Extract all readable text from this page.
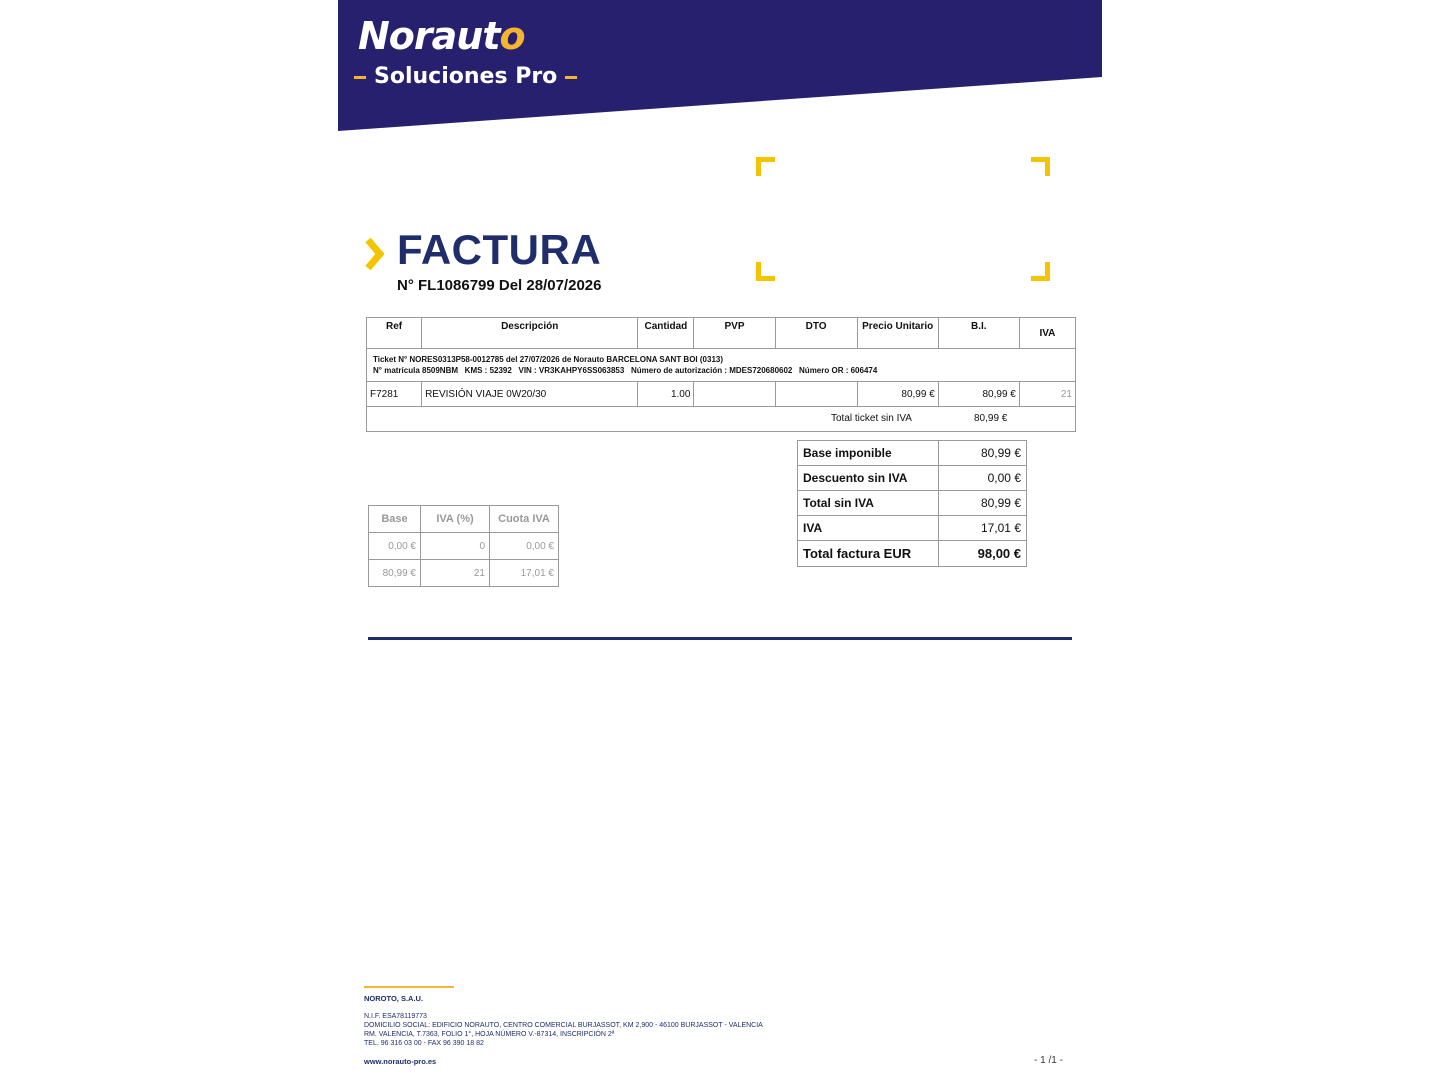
Norauto
Soluciones Pro
FACTURA
N° FL1086799 Del 28/07/2026
Ref	Descripción	Cantidad	PVP	DTO	Precio Unitario	B.I.	IVA

Ticket N° NORES0313P58-0012785 del 27/07/2026 de Norauto BARCELONA SANT BOI (0313)
N° matrícula 8509NBM   KMS : 52392   VIN : VR3KAHPY6SS063853   Número de autorización : MDES720680602   Número OR : 606474							

F7281	REVISIÓN VIAJE 0W20/30	1.00			80,99 €	80,99 €	21

Total ticket sin IVA 80,99 €							
Base	IVA (%)	Cuota IVA
0,00 €	0	0,00 €
80,99 €	21	17,01 €
Base imponible	80,99 €
Descuento sin IVA	0,00 €
Total sin IVA	80,99 €
IVA	17,01 €
Total factura EUR	98,00 €
NOROTO, S.A.U.
N.I.F. ESA78119773
DOMICILIO SOCIAL: EDIFICIO NORAUTO, CENTRO COMERCIAL BURJASSOT, KM 2,900 - 46100 BURJASSOT - VALENCIA
RM. VALENCIA, T.7363, FOLIO 1°, HOJA NÚMERO V.-87314, INSCRIPCIÓN 2ª
TEL. 96 316 03 00 - FAX 96 390 18 82
www.norauto-pro.es	- 1 /1 -
